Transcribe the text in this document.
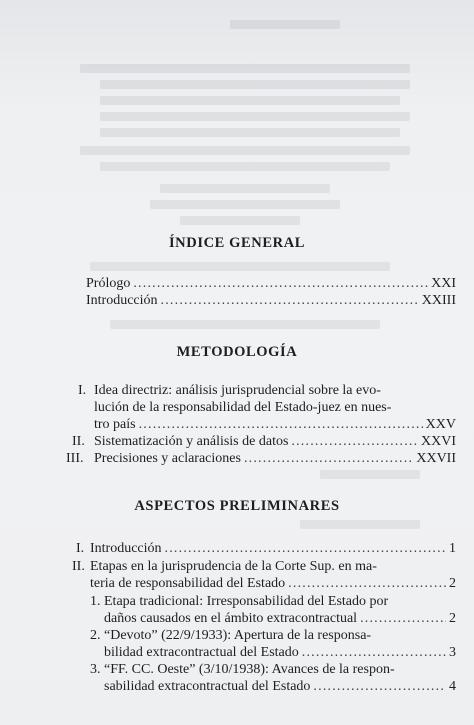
ÍNDICE GENERAL
Prólogo .....	XXI
Introducción .....	XXIII
METODOLOGÍA
I. Idea directriz: análisis jurisprudencial sobre la evo-
lución de la responsabilidad del Estado-juez en nues-
tro país .....	XXV
II. Sistematización y análisis de datos .....	XXVI
III. Precisiones y aclaraciones .....	XXVII
ASPECTOS PRELIMINARES
I. Introducción .....	1
II. Etapas en la jurisprudencia de la Corte Sup. en ma-
teria de responsabilidad del Estado .....	2
1. Etapa tradicional: Irresponsabilidad del Estado por
daños causados en el ámbito extracontractual .....	2
2. “Devoto” (22/9/1933): Apertura de la responsa-
bilidad extracontractual del Estado .....	3
3. “FF. CC. Oeste” (3/10/1938): Avances de la respon-
sabilidad extracontractual del Estado .....	4
